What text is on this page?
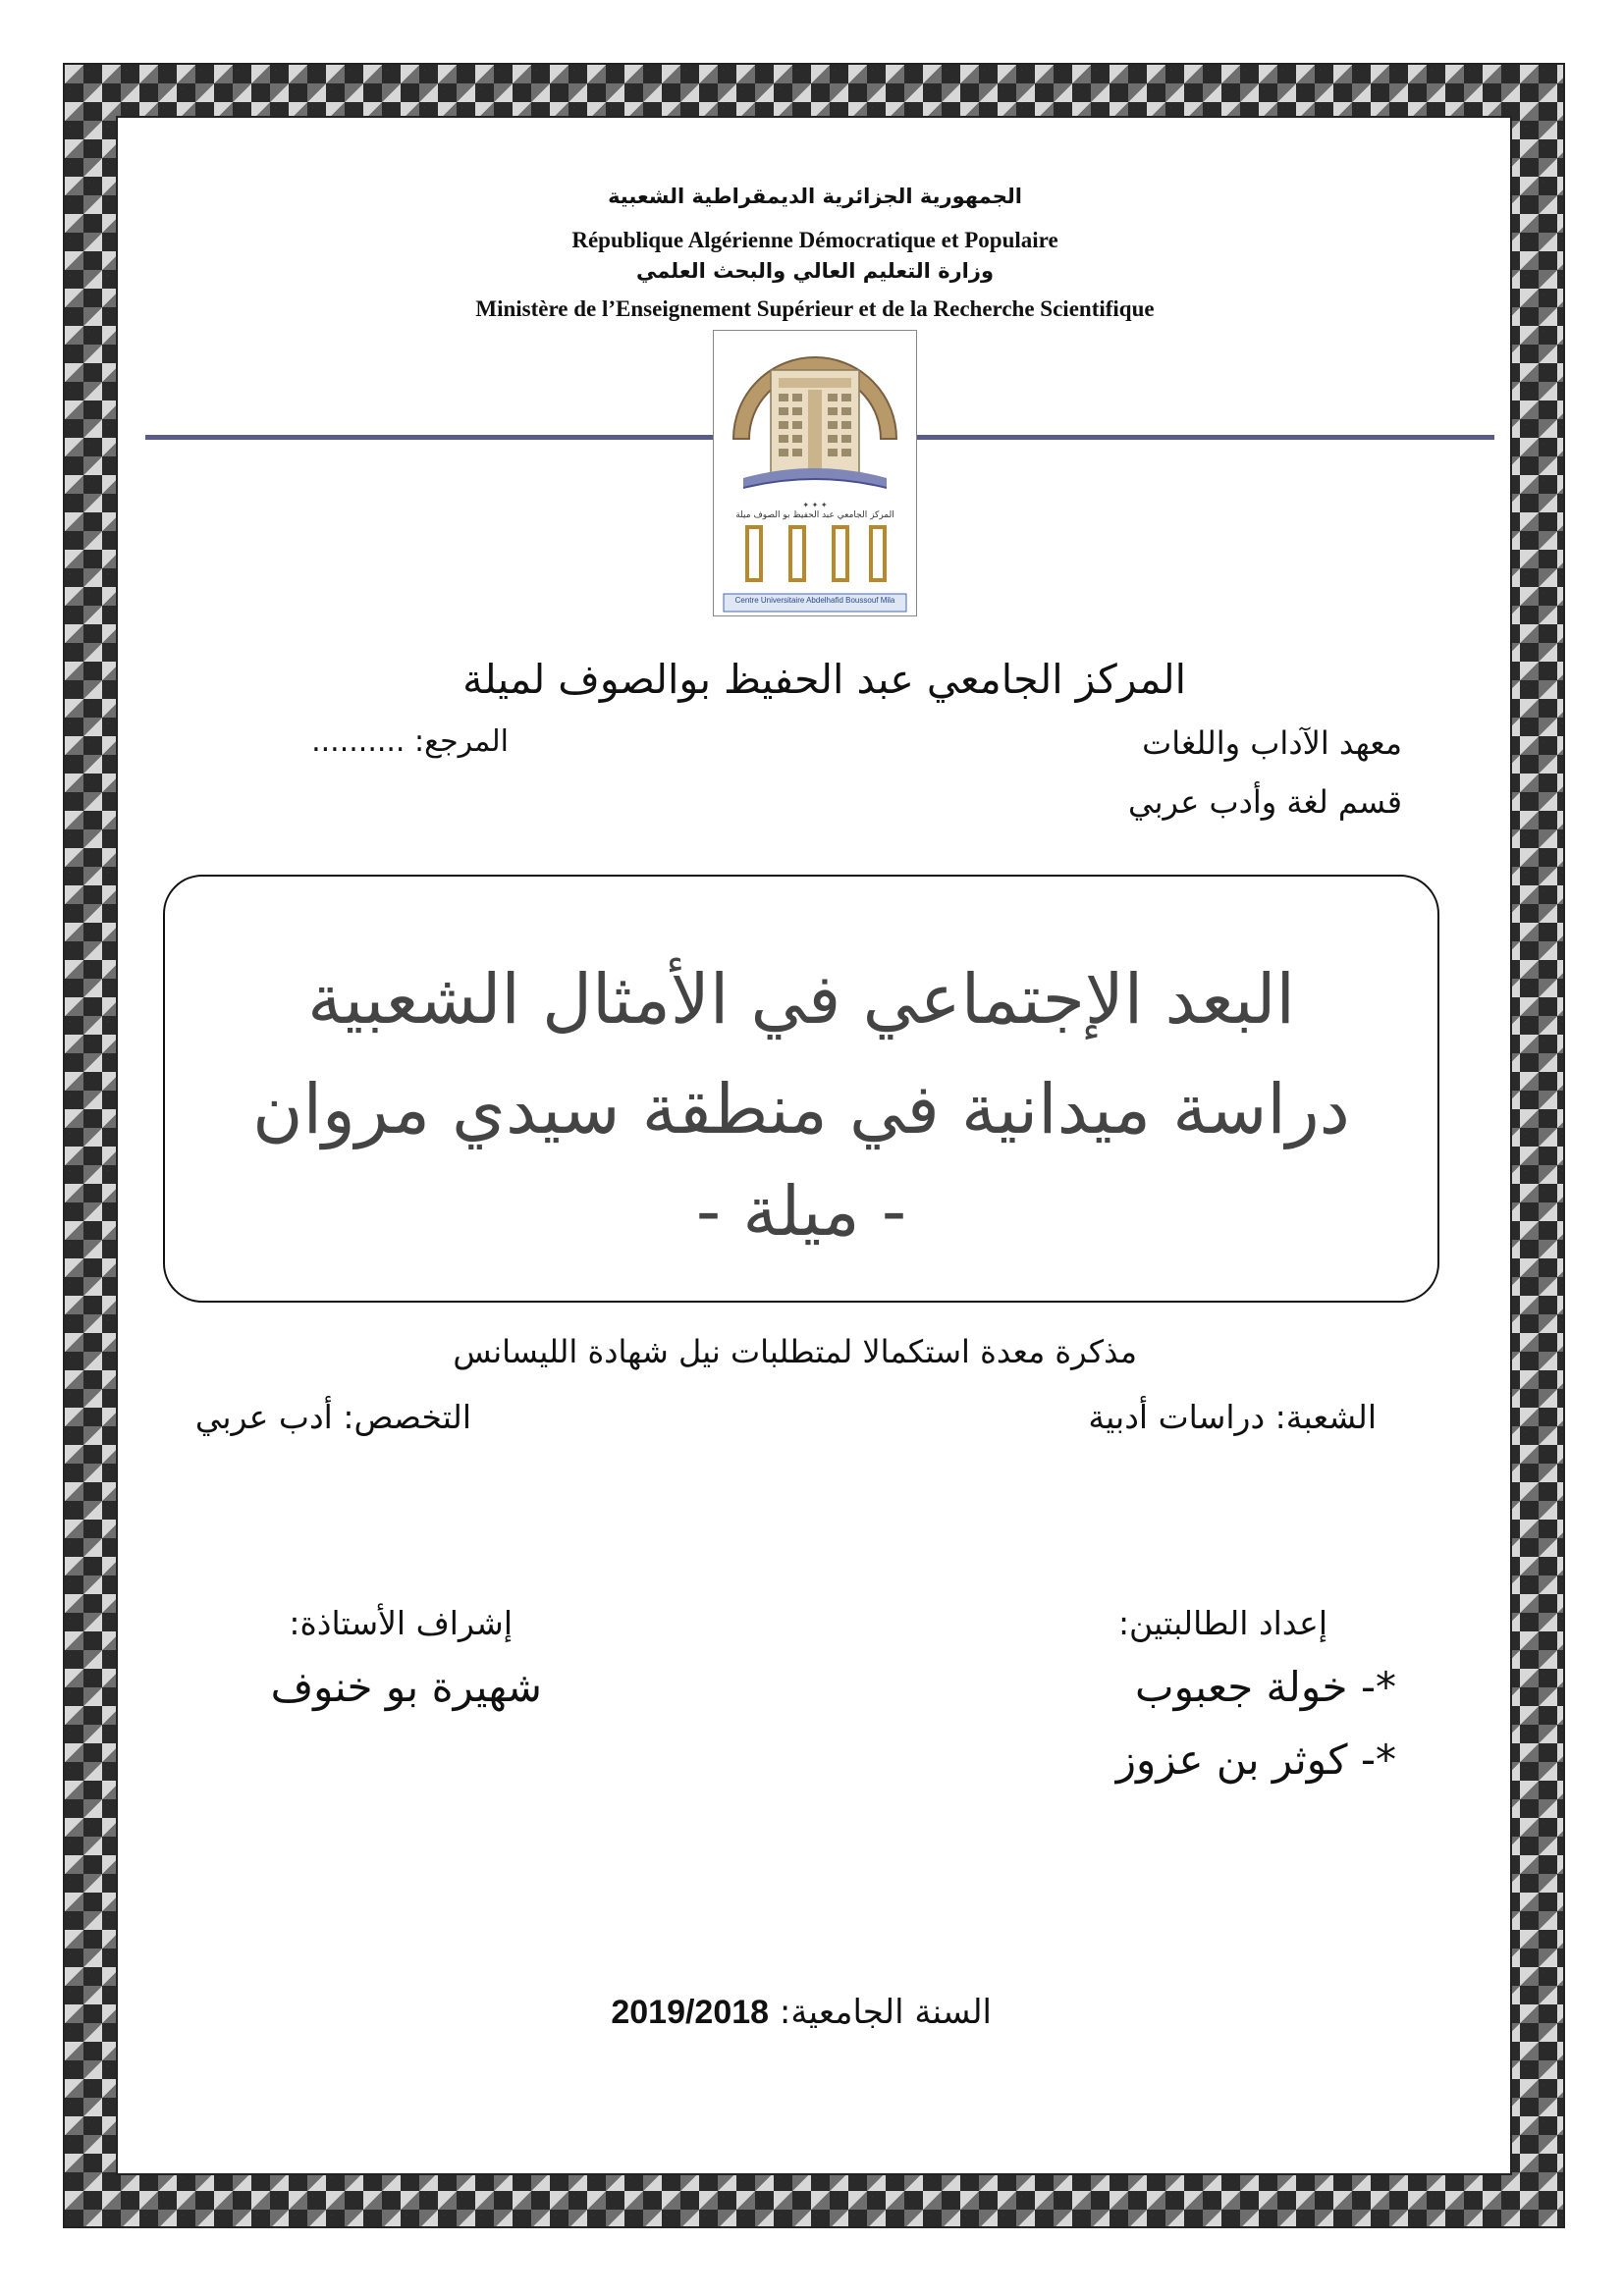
الجمهورية الجزائرية الديمقراطية الشعبية
République Algérienne Démocratique et Populaire
وزارة التعليم العالي والبحث العلمي
Ministère de l’Enseignement Supérieur et de la Recherche Scientifique
✦ ✦ ✦
المركز الجامعي عبد الحفيظ بو الصوف ميلة
Centre Universitaire Abdelhafid Boussouf Mila
المركز الجامعي عبد الحفيظ بوالصوف لميلة
معهد الآداب واللغات
المرجع: ..........
قسم لغة وأدب عربي
البعد الإجتماعي في الأمثال الشعبية
دراسة ميدانية في منطقة سيدي مروان
- ميلة -
مذكرة معدة استكمالا لمتطلبات نيل شهادة الليسانس
الشعبة: دراسات أدبية
التخصص: أدب عربي
إعداد الطالبتين:
إشراف الأستاذة:
*- خولة جعبوب
شهيرة بو خنوف
*- كوثر بن عزوز
السنة الجامعية: 2019/2018
